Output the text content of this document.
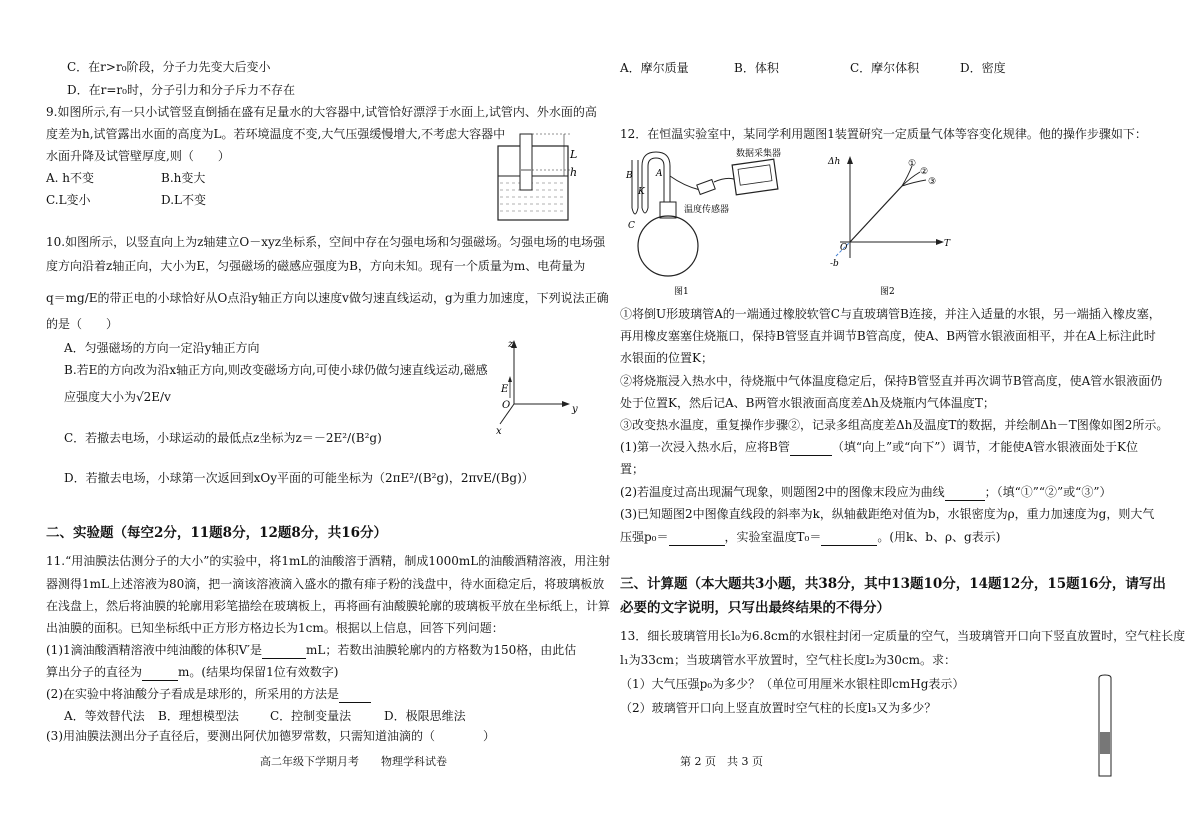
C．在r>r₀阶段，分子力先变大后变小
D．在r=r₀时，分子引力和分子斥力不存在
9.如图所示,有一只小试管竖直倒插在盛有足量水的大容器中,试管恰好漂浮于水面上,试管内、外水面的高
度差为h,试管露出水面的高度为L。若环境温度不变,大气压强缓慢增大,不考虑大容器中
水面升降及试管壁厚度,则（　　）
A. h不变	B.h变大
C.L变小	D.L不变
L
h
10.如图所示，以竖直向上为z轴建立O－xyz坐标系，空间中存在匀强电场和匀强磁场。匀强电场的电场强
度方向沿着z轴正向，大小为E，匀强磁场的磁感应强度为B，方向未知。现有一个质量为m、电荷量为
q＝mg/E的带正电的小球恰好从O点沿y轴正方向以速度v做匀速直线运动，g为重力加速度，下列说法正确
的是（　　）
A．匀强磁场的方向一定沿y轴正方向
B.若E的方向改为沿x轴正方向,则改变磁场方向,可使小球仍做匀速直线运动,磁感
应强度大小为√2E/v
C．若撤去电场，小球运动的最低点z坐标为z＝－2E²/(B²g)
D．若撤去电场，小球第一次返回到xOy平面的可能坐标为（2πE²/(B²g)，2πvE/(Bg)）
z
y
x
O
E
二、实验题（每空2分，11题8分，12题8分，共16分）
11.“用油膜法估测分子的大小”的实验中，将1mL的油酸溶于酒精，制成1000mL的油酸酒精溶液，用注射
器测得1mL上述溶液为80滴，把一滴该溶液滴入盛水的撒有痱子粉的浅盘中，待水面稳定后，将玻璃板放
在浅盘上，然后将油膜的轮廓用彩笔描绘在玻璃板上，再将画有油酸膜轮廓的玻璃板平放在坐标纸上，计算
出油膜的面积。已知坐标纸中正方形方格边长为1cm。根据以上信息，回答下列问题：
(1)1滴油酸酒精溶液中纯油酸的体积V′是	mL；若数出油膜轮廓内的方格数为150格，由此估
算出分子的直径为	m。(结果均保留1位有效数字)
(2)在实验中将油酸分子看成是球形的，所采用的方法是
A．等效替代法 B．理想模型法	C．控制变量法	D．极限思维法
(3)用油膜法测出分子直径后，要测出阿伏加德罗常数，只需知道油滴的（　　　　）
高二年级下学期月考　　物理学科试卷
A．摩尔质量	B．体积	C．摩尔体积	D．密度
12．在恒温实验室中，某同学利用题图1装置研究一定质量气体等容变化规律。他的操作步骤如下：
B	A
K
C
数据采集器
温度传感器
图1
Δh
T
O
-b
①
②
③
图2
①将倒U形玻璃管A的一端通过橡胶软管C与直玻璃管B连接，并注入适量的水银，另一端插入橡皮塞，
再用橡皮塞塞住烧瓶口，保持B管竖直并调节B管高度，使A、B两管水银液面相平，并在A上标注此时
水银面的位置K；
②将烧瓶浸入热水中，待烧瓶中气体温度稳定后，保持B管竖直并再次调节B管高度，使A管水银液面仍
处于位置K，然后记A、B两管水银液面高度差Δh及烧瓶内气体温度T；
③改变热水温度，重复操作步骤②，记录多组高度差Δh及温度T的数据，并绘制Δh－T图像如图2所示。
(1)第一次浸入热水后，应将B管	（填“向上”或“向下”）调节，才能使A管水银液面处于K位
置；
(2)若温度过高出现漏气现象，则题图2中的图像末段应为曲线	；（填“①”“②”或“③”）
(3)已知题图2中图像直线段的斜率为k，纵轴截距绝对值为b，水银密度为ρ，重力加速度为g，则大气
压强p₀＝	，实验室温度T₀＝	。(用k、b、ρ、g表示)
三、计算题（本大题共3小题，共38分，其中13题10分，14题12分，15题16分，请写出
必要的文字说明，只写出最终结果的不得分）
13．细长玻璃管用长l₀为6.8cm的水银柱封闭一定质量的空气，当玻璃管开口向下竖直放置时，空气柱长度
l₁为33cm；当玻璃管水平放置时，空气柱长度l₂为30cm。求：
（1）大气压强p₀为多少？（单位可用厘米水银柱即cmHg表示）
（2）玻璃管开口向上竖直放置时空气柱的长度l₃又为多少？
第 2 页　共 3 页
